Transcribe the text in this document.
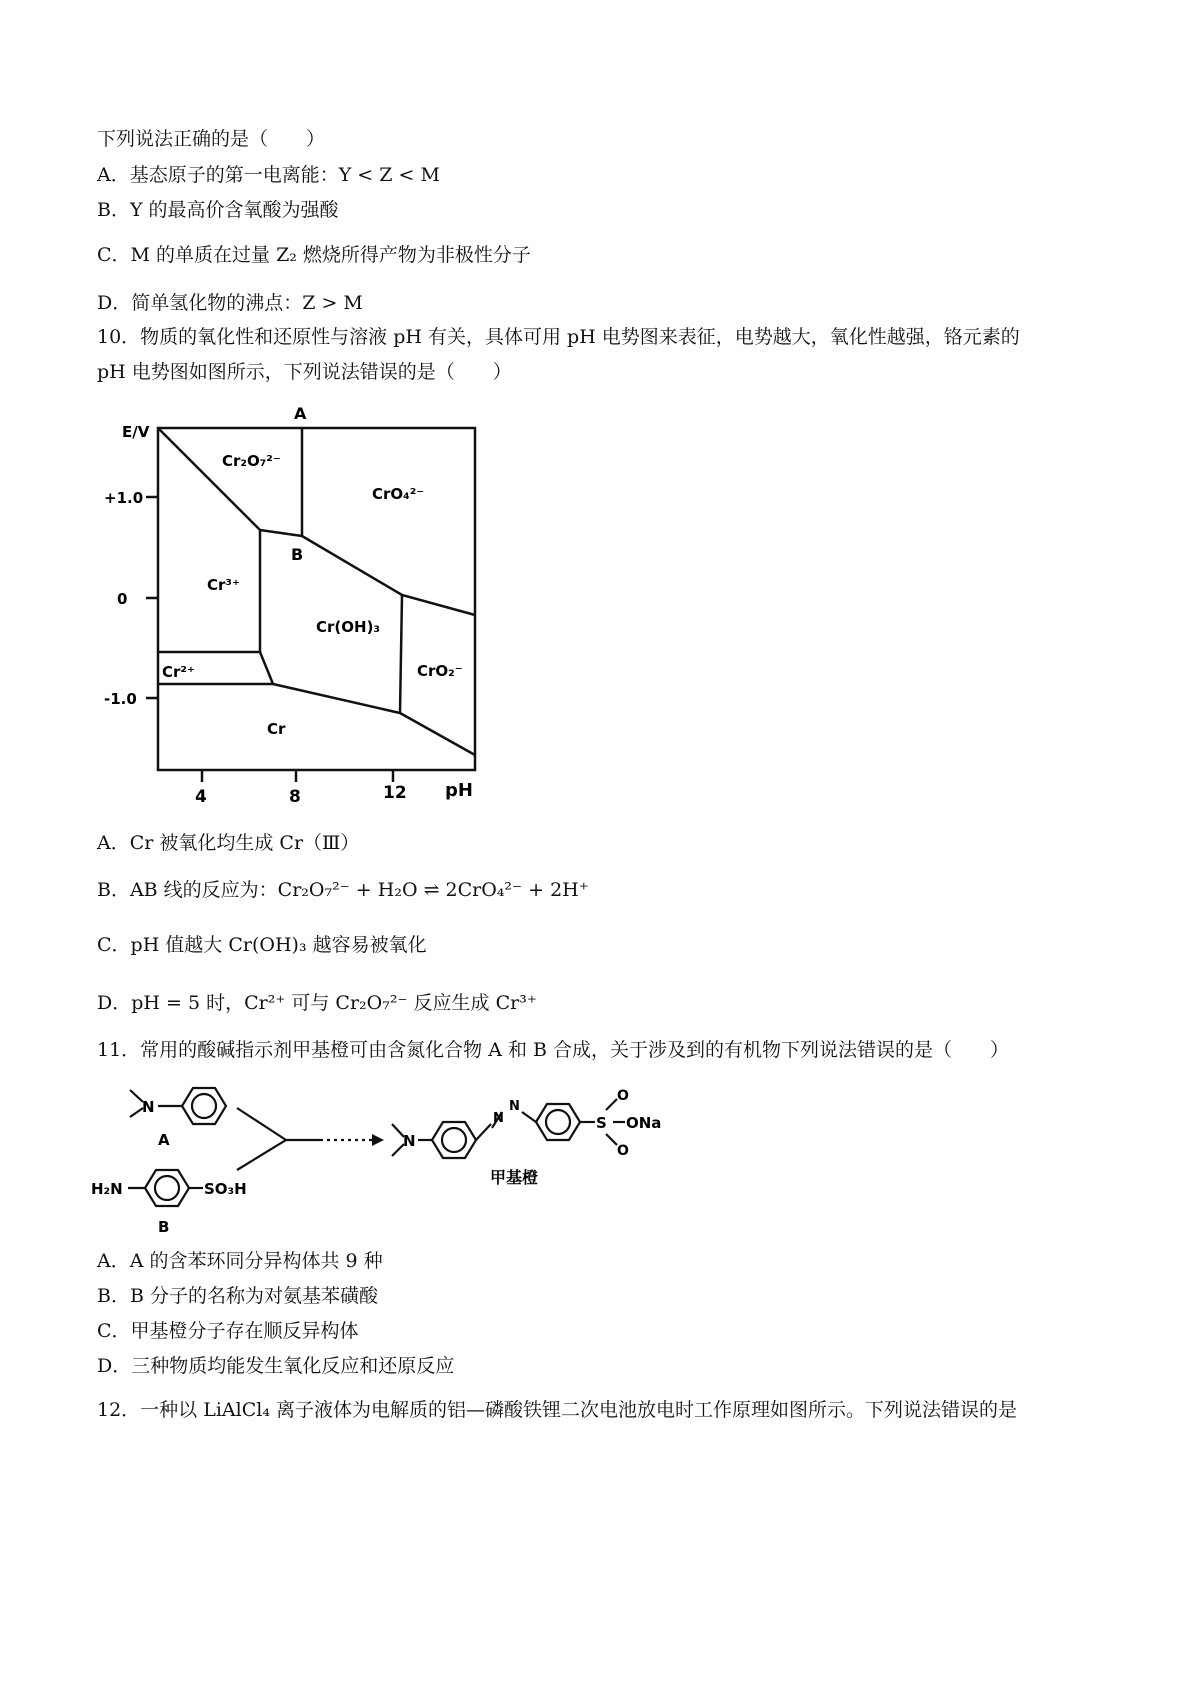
下列说法正确的是（　　）
A．基态原子的第一电离能：Y < Z < M
B．Y 的最高价含氧酸为强酸
C．M 的单质在过量 Z₂ 燃烧所得产物为非极性分子
D．简单氢化物的沸点：Z > M
10．物质的氧化性和还原性与溶液 pH 有关，具体可用 pH 电势图来表征，电势越大，氧化性越强，铬元素的
pH 电势图如图所示，下列说法错误的是（　　）
E/V
pH
+1.0
0
-1.0
4	8	12
A
B
Cr₂O₇²⁻
CrO₄²⁻
Cr³⁺
Cr(OH)₃
Cr²⁺	CrO₂⁻
Cr
A．Cr 被氧化均生成 Cr（Ⅲ）
B．AB 线的反应为：Cr₂O₇²⁻ + H₂O ⇌ 2CrO₄²⁻ + 2H⁺
C．pH 值越大 Cr(OH)₃ 越容易被氧化
D．pH = 5 时，Cr²⁺ 可与 Cr₂O₇²⁻ 反应生成 Cr³⁺
11．常用的酸碱指示剂甲基橙可由含氮化合物 A 和 B 合成，关于涉及到的有机物下列说法错误的是（　　）
N
A
H₂N	SO₃H
B
N
N
N
S
O
O
ONa
甲基橙
A．A 的含苯环同分异构体共 9 种
B．B 分子的名称为对氨基苯磺酸
C．甲基橙分子存在顺反异构体
D．三种物质均能发生氧化反应和还原反应
12．一种以 LiAlCl₄ 离子液体为电解质的铝—磷酸铁锂二次电池放电时工作原理如图所示。下列说法错误的是
